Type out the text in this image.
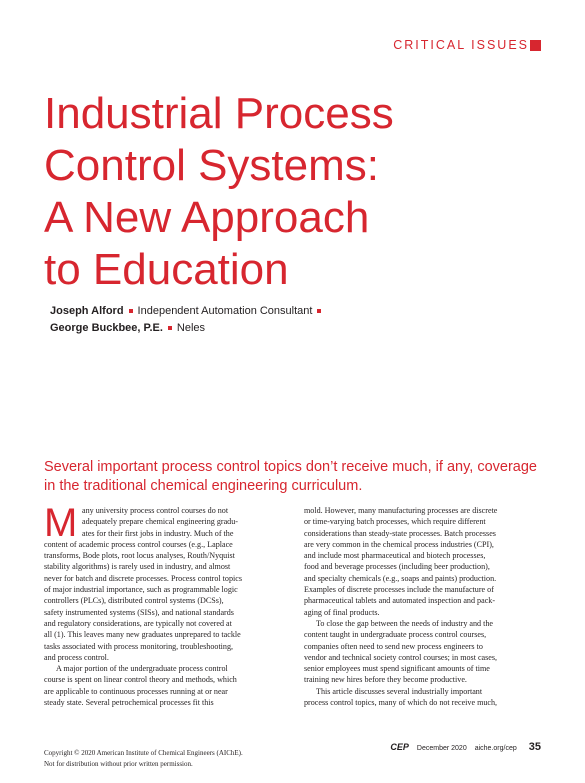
CRITICAL ISSUES
Industrial Process
Control Systems:
A New Approach
to Education
Joseph Alford Independent Automation Consultant
George Buckbee, P.E. Neles
Several important process control topics don’t receive much, if any, coverage in the traditional chemical engineering curriculum.
M any university process control courses do not
adequately prepare chemical engineering gradu-
ates for their first jobs in industry. Much of the
content of academic process control courses (e.g., Laplace
transforms, Bode plots, root locus analyses, Routh/Nyquist
stability algorithms) is rarely used in industry, and almost
never for batch and discrete processes. Process control topics
of major industrial importance, such as programmable logic
controllers (PLCs), distributed control systems (DCSs),
safety instrumented systems (SISs), and national standards
and regulatory considerations, are typically not covered at
all (1). This leaves many new graduates unprepared to tackle
tasks associated with process monitoring, troubleshooting,
and process control.
A major portion of the undergraduate process control
course is spent on linear control theory and methods, which
are applicable to continuous processes running at or near
steady state. Several petrochemical processes fit this
mold. However, many manufacturing processes are discrete
or time-varying batch processes, which require different
considerations than steady-state processes. Batch processes
are very common in the chemical process industries (CPI),
and include most pharmaceutical and biotech processes,
food and beverage processes (including beer production),
and specialty chemicals (e.g., soaps and paints) production.
Examples of discrete processes include the manufacture of
pharmaceutical tablets and automated inspection and pack-
aging of final products.
To close the gap between the needs of industry and the
content taught in undergraduate process control courses,
companies often need to send new process engineers to
vendor and technical society control courses; in most cases,
senior employees must spend significant amounts of time
training new hires before they become productive.
This article discusses several industrially important
process control topics, many of which do not receive much,
Copyright © 2020 American Institute of Chemical Engineers (AIChE).
Not for distribution without prior written permission.
CEP December 2020 aiche.org/cep 35
